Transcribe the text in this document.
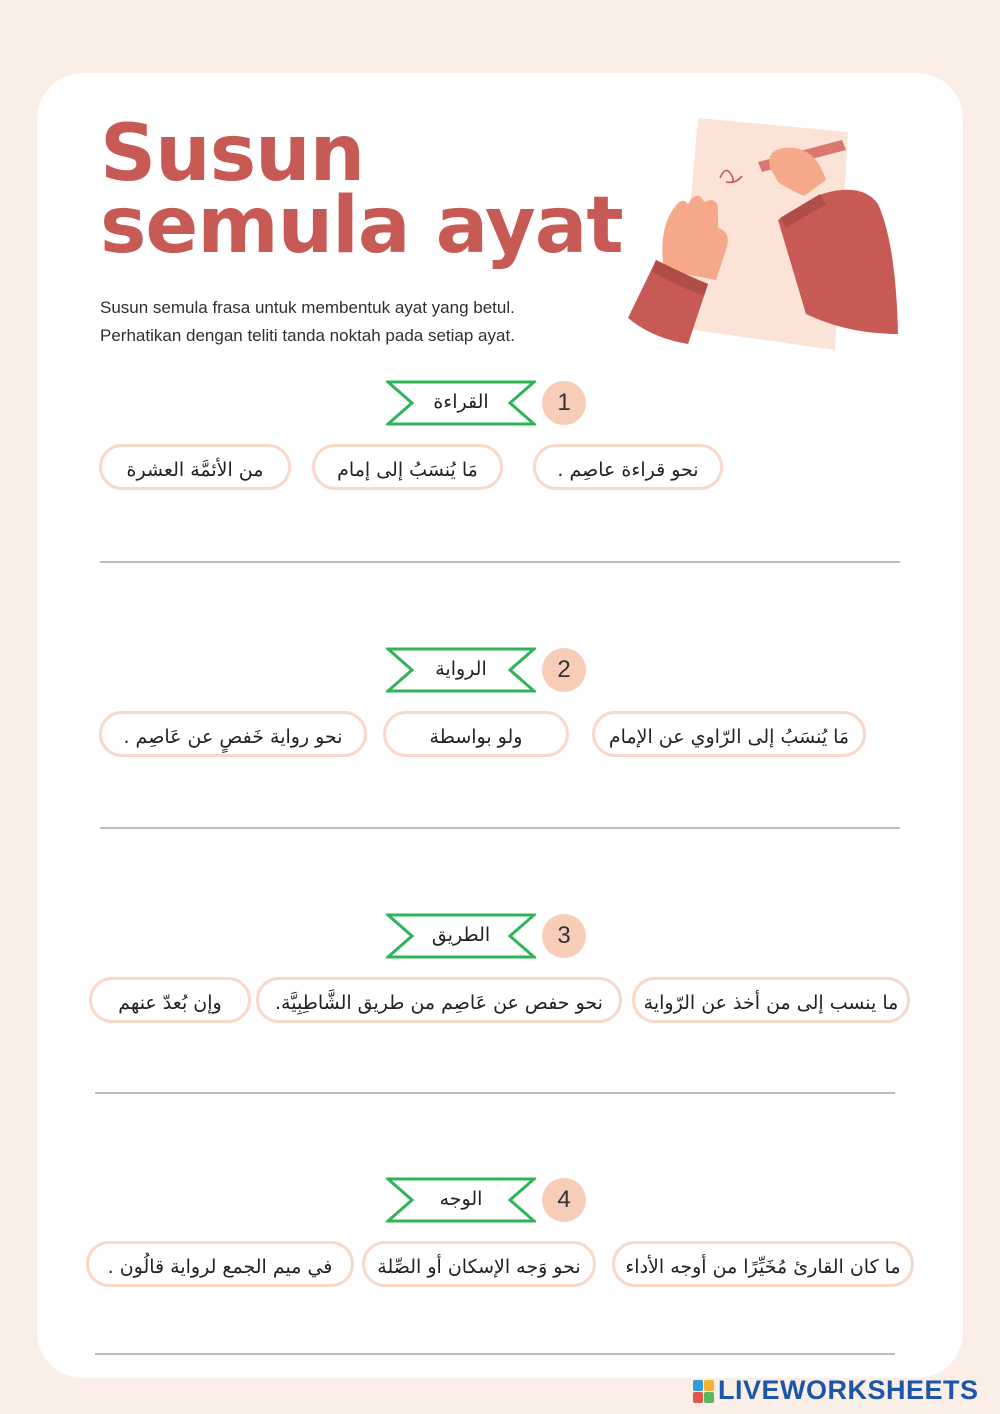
Susun
semula ayat
Susun semula frasa untuk membentuk ayat yang betul.
Perhatikan dengan teliti tanda noktah pada setiap ayat.
القراءة	1
نحو قراءة عاصِم .
مَا يُنسَبُ إلى إمام
من الأئمَّة العشرة
الرواية	2
مَا يُنسَبُ إلى الرّاوي عن الإمام
ولو بواسطة
نحو رواية خَفصٍ عن عَاصِم .
الطريق	3
ما ينسب إلى من أخذ عن الرّواية
نحو حفص عن عَاصِم من طريق الشَّاطِبِيَّة.
وإن بُعدّ عنهم
الوجه	4
ما كان القارئ مُخَيِّرًا من أوجه الأداء
نحو وَجه الإسكان أو الصِّلة
في ميم الجمع لرواية قالُون .
LIVEWORKSHEETS
